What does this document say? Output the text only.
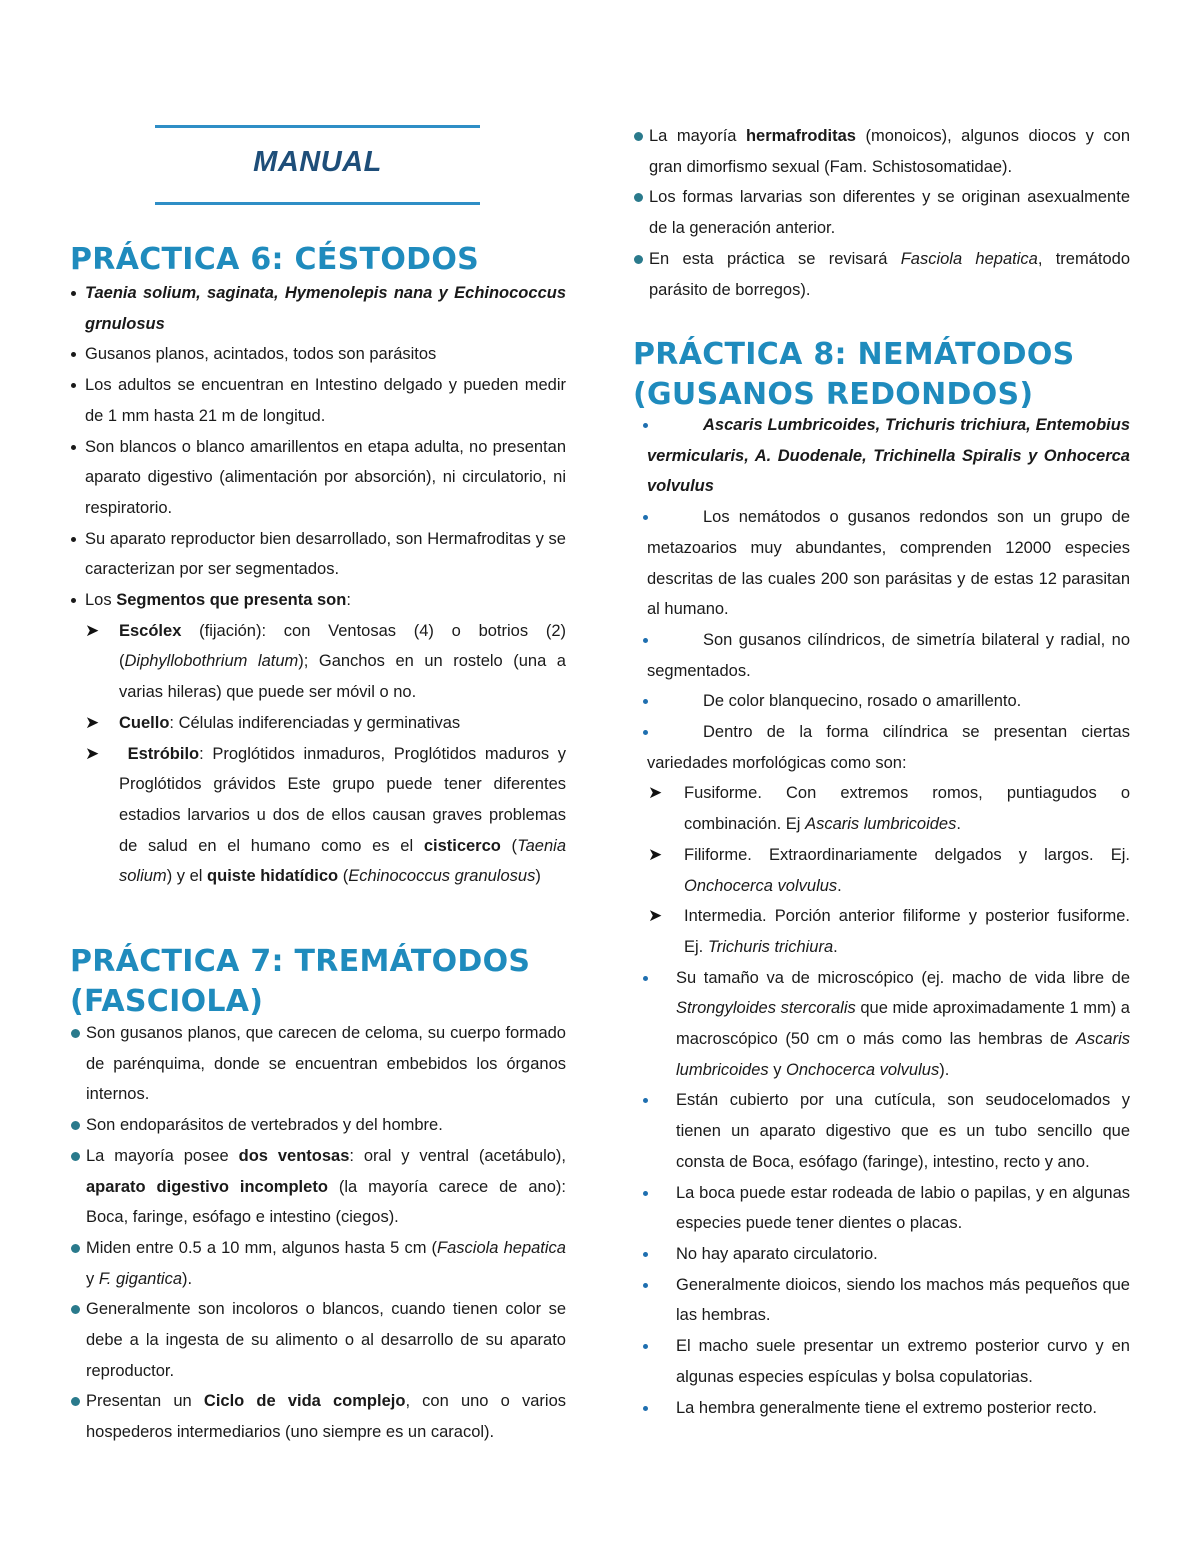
MANUAL
PRÁCTICA 6: CÉSTODOS
Taenia solium, saginata, Hymenolepis nana y Echinococcus grnulosus
Gusanos planos, acintados, todos son parásitos
Los adultos se encuentran en Intestino delgado y pueden medir de 1 mm hasta 21 m de longitud.
Son blancos o blanco amarillentos en etapa adulta, no presentan aparato digestivo (alimentación por absorción), ni circulatorio, ni respiratorio.
Su aparato reproductor bien desarrollado, son Hermafroditas y se caracterizan por ser segmentados.
Los Segmentos que presenta son:
➤ Escólex (fijación): con Ventosas (4) o botrios (2) (Diphyllobothrium latum); Ganchos en un rostelo (una a varias hileras) que puede ser móvil o no.
➤ Cuello: Células indiferenciadas y germinativas
➤ Estróbilo: Proglótidos inmaduros, Proglótidos maduros y Proglótidos grávidos Este grupo puede tener diferentes estadios larvarios u dos de ellos causan graves problemas de salud en el humano como es el cisticerco (Taenia solium) y el quiste hidatídico (Echinococcus granulosus)
PRÁCTICA 7: TREMÁTODOS (FASCIOLA)
Son gusanos planos, que carecen de celoma, su cuerpo formado de parénquima, donde se encuentran embebidos los órganos internos.
Son endoparásitos de vertebrados y del hombre.
La mayoría posee dos ventosas: oral y ventral (acetábulo), aparato digestivo incompleto (la mayoría carece de ano): Boca, faringe, esófago e intestino (ciegos).
Miden entre 0.5 a 10 mm, algunos hasta 5 cm (Fasciola hepatica y F. gigantica).
Generalmente son incoloros o blancos, cuando tienen color se debe a la ingesta de su alimento o al desarrollo de su aparato reproductor.
Presentan un Ciclo de vida complejo, con uno o varios hospederos intermediarios (uno siempre es un caracol).
La mayoría hermafroditas (monoicos), algunos diocos y con gran dimorfismo sexual (Fam. Schistosomatidae).
Los formas larvarias son diferentes y se originan asexualmente de la generación anterior.
En esta práctica se revisará Fasciola hepatica, tremátodo parásito de borregos).
PRÁCTICA 8: NEMÁTODOS (GUSANOS REDONDOS)
Ascaris Lumbricoides, Trichuris trichiura, Entemobius vermicularis, A. Duodenale, Trichinella Spiralis y Onhocerca volvulus
Los nemátodos o gusanos redondos son un grupo de metazoarios muy abundantes, comprenden 12000 especies descritas de las cuales 200 son parásitas y de estas 12 parasitan al humano.
Son gusanos cilíndricos, de simetría bilateral y radial, no segmentados.
De color blanquecino, rosado o amarillento.
Dentro de la forma cilíndrica se presentan ciertas variedades morfológicas como son:
➤ Fusiforme. Con extremos romos, puntiagudos o combinación. Ej Ascaris lumbricoides.
➤ Filiforme. Extraordinariamente delgados y largos. Ej. Onchocerca volvulus.
➤ Intermedia. Porción anterior filiforme y posterior fusiforme. Ej. Trichuris trichiura.
Su tamaño va de microscópico (ej. macho de vida libre de Strongyloides stercoralis que mide aproximadamente 1 mm) a macroscópico (50 cm o más como las hembras de Ascaris lumbricoides y Onchocerca volvulus).
Están cubierto por una cutícula, son seudocelomados y tienen un aparato digestivo que es un tubo sencillo que consta de Boca, esófago (faringe), intestino, recto y ano.
La boca puede estar rodeada de labio o papilas, y en algunas especies puede tener dientes o placas.
No hay aparato circulatorio.
Generalmente dioicos, siendo los machos más pequeños que las hembras.
El macho suele presentar un extremo posterior curvo y en algunas especies espículas y bolsa copulatorias.
La hembra generalmente tiene el extremo posterior recto.
